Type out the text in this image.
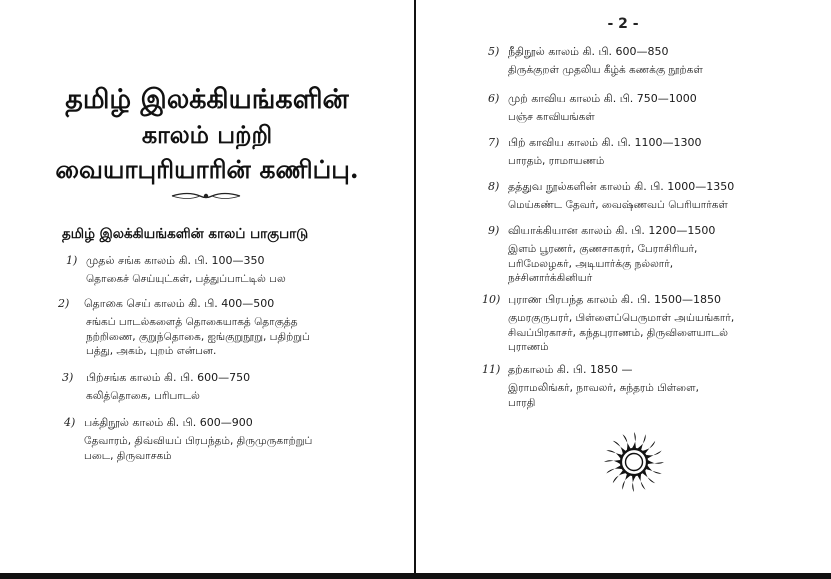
தமிழ் இலக்கியங்களின்
காலம் பற்றி
வையாபுரியாரின் கணிப்பு.
தமிழ் இலக்கியங்களின் காலப் பாகுபாடு
1) முதல் சங்க காலம் கி. பி. 100—350
தொகைச் செய்யுட்கள், பத்துப்பாட்டில் பல
2) தொகை செய் காலம் கி. பி. 400—500
சங்கப் பாடல்களைத் தொகையாகத் தொகுத்த
நற்றிணை, குறுந்தொகை, ஐங்குறுநூறு, பதிற்றுப்
பத்து, அகம், புறம் என்பன.
3) பிற்சங்க காலம் கி. பி. 600—750
கலித்தொகை, பரிபாடல்
4) பக்திநூல் காலம் கி. பி. 600—900
தேவாரம், திவ்வியப் பிரபந்தம், திருமுருகாற்றுப்
படை, திருவாசகம்
- 2 -
5) நீதிநூல் காலம் கி. பி. 600—850
திருக்குறள் முதலிய கீழ்க் கணக்கு நூற்கள்
6) முற் காவிய காலம் கி. பி. 750—1000
பஞ்ச காவியங்கள்
7) பிற் காவிய காலம் கி. பி. 1100—1300
பாரதம், ராமாயணம்
8) தத்துவ நூல்களின் காலம் கி. பி. 1000—1350
மெய்கண்ட தேவர், வைஷ்ணவப் பெரியார்கள்
9) வியாக்கியான காலம் கி. பி. 1200—1500
இளம் பூரணர், குணசாகரர், பேராசிரியர்,
பரிமேலழகர், அடியார்க்கு நல்லார்,
நச்சினார்க்கினியர்
10) புராண பிரபந்த காலம் கி. பி. 1500—1850
குமரகுருபரர், பிள்ளைப்பெருமாள் அய்யங்கார்,
சிவப்பிரகாசர், கந்தபுராணம், திருவிளையாடல்
புராணம்
11) தற்காலம் கி. பி. 1850 —
இராமலிங்கர், நாவலர், சுந்தரம் பிள்ளை,
பாரதி
